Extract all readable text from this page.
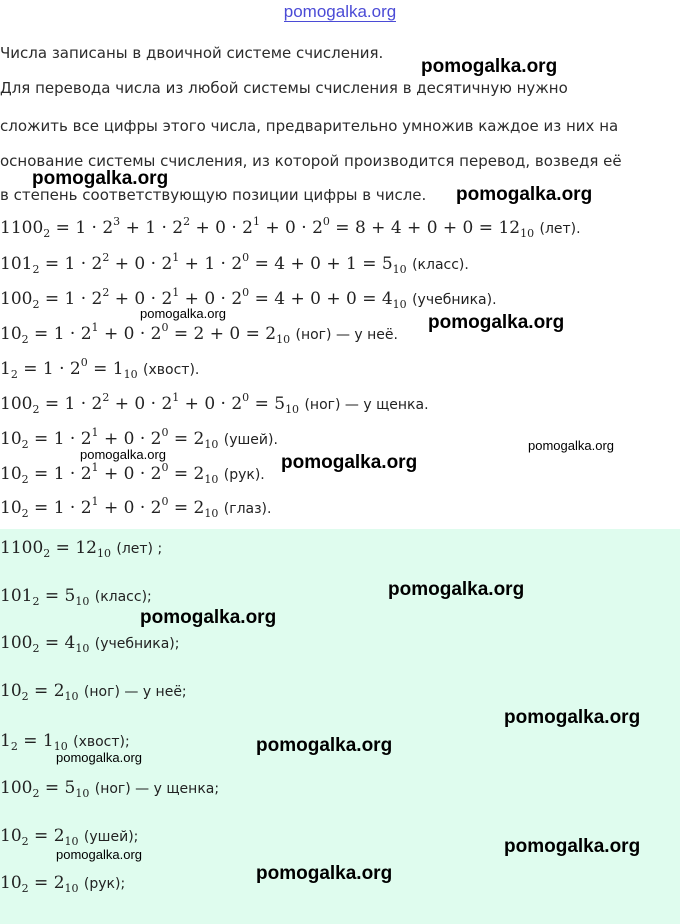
pomogalka.org
Числа записаны в двоичной системе счисления.
Для перевода числа из любой системы счисления в десятичную нужно
сложить все цифры этого числа, предварительно умножив каждое из них на
основание системы счисления, из которой производится перевод, возведя её
в степень соответствующую позиции цифры в числе.
$1100_2 = 1 \cdot 2^3 + 1 \cdot 2^2 + 0 \cdot 2^1 + 0 \cdot 2^0 = 8 + 4 + 0 + 0 = 12_{10}$ (лет).
$101_2 = 1 \cdot 2^2 + 0 \cdot 2^1 + 1 \cdot 2^0 = 4 + 0 + 1 = 5_{10}$ (класс).
$100_2 = 1 \cdot 2^2 + 0 \cdot 2^1 + 0 \cdot 2^0 = 4 + 0 + 0 = 4_{10}$ (учебника).
$10_2 = 1 \cdot 2^1 + 0 \cdot 2^0 = 2 + 0 = 2_{10}$ (ног) — у неё.
$1_2 = 1 \cdot 2^0 = 1_{10}$ (хвост).
$100_2 = 1 \cdot 2^2 + 0 \cdot 2^1 + 0 \cdot 2^0 = 5_{10}$ (ног) — у щенка.
$10_2 = 1 \cdot 2^1 + 0 \cdot 2^0 = 2_{10}$ (ушей).
$10_2 = 1 \cdot 2^1 + 0 \cdot 2^0 = 2_{10}$ (рук).
$10_2 = 1 \cdot 2^1 + 0 \cdot 2^0 = 2_{10}$ (глаз).
$1100_2 = 12_{10}$ (лет) ;
$101_2 = 5_{10}$ (класс);
$100_2 = 4_{10}$ (учебника);
$10_2 = 2_{10}$ (ног) — у неё;
$1_2 = 1_{10}$ (хвост);
$100_2 = 5_{10}$ (ног) — у щенка;
$10_2 = 2_{10}$ (ушей);
$10_2 = 2_{10}$ (рук);
pomogalka.org
pomogalka.org
pomogalka.org
pomogalka.org	pomogalka.org
pomogalka.org
pomogalka.org	pomogalka.org
pomogalka.org
pomogalka.org
pomogalka.org
pomogalka.org
pomogalka.org
pomogalka.org	pomogalka.org
pomogalka.org
